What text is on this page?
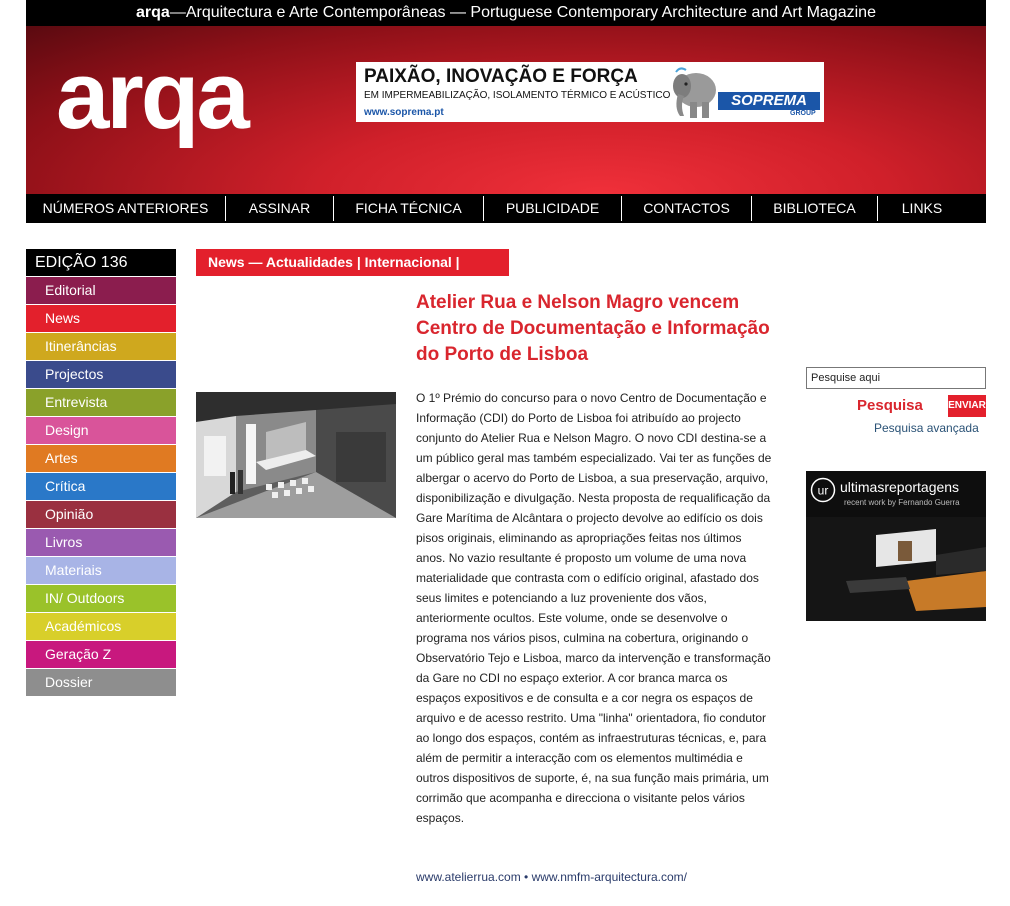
arqa—Arquitectura e Arte Contemporâneas — Portuguese Contemporary Architecture and Art Magazine
arqa	PAIXÃO, INOVAÇÃO E FORÇA
EM IMPERMEABILIZAÇÃO, ISOLAMENTO TÉRMICO E ACÚSTICO
www.soprema.pt
SOPREMA
GROUP
NÚMEROS ANTERIORES	ASSINAR	FICHA TÉCNICA	PUBLICIDADE	CONTACTOS	BIBLIOTECA	LINKS
EDIÇÃO 136
Editorial
News
Itinerâncias
Projectos
Entrevista
Design
Artes
Crítica
Opinião
Livros
Materiais
IN/ Outdoors
Académicos
Geração Z
Dossier
News — Actualidades | Internacional |
Atelier Rua e Nelson Magro vencem Centro de Documentação e Informação do Porto de Lisboa
O 1º Prémio do concurso para o novo Centro de Documentação e Informação (CDI) do Porto de Lisboa foi atribuído ao projecto conjunto do Atelier Rua e Nelson Magro. O novo CDI destina-se a um público geral mas também especializado. Vai ter as funções de albergar o acervo do Porto de Lisboa, a sua preservação, arquivo, disponibilização e divulgação. Nesta proposta de requalificação da Gare Marítima de Alcântara o projecto devolve ao edifício os dois pisos originais, eliminando as apropriações feitas nos últimos anos. No vazio resultante é proposto um volume de uma nova materialidade que contrasta com o edifício original, afastado dos seus limites e potenciando a luz proveniente dos vãos, anteriormente ocultos. Este volume, onde se desenvolve o programa nos vários pisos, culmina na cobertura, originando o Observatório Tejo e Lisboa, marco da intervenção e transformação da Gare no CDI no espaço exterior. A cor branca marca os espaços expositivos e de consulta e a cor negra os espaços de arquivo e de acesso restrito. Uma "linha" orientadora, fio condutor ao longo dos espaços, contém as infraestruturas técnicas, e, para além de permitir a interacção com os elementos multimédia e outros dispositivos de suporte, é, na sua função mais primária, um corrimão que acompanha e direcciona o visitante pelos vários espaços.
www.atelierrua.com • www.nmfm-arquitectura.com/
Pesquise aqui
Pesquisa	ENVIAR
Pesquisa avançada
ur ultimasreportagens
recent work by Fernando Guerra
